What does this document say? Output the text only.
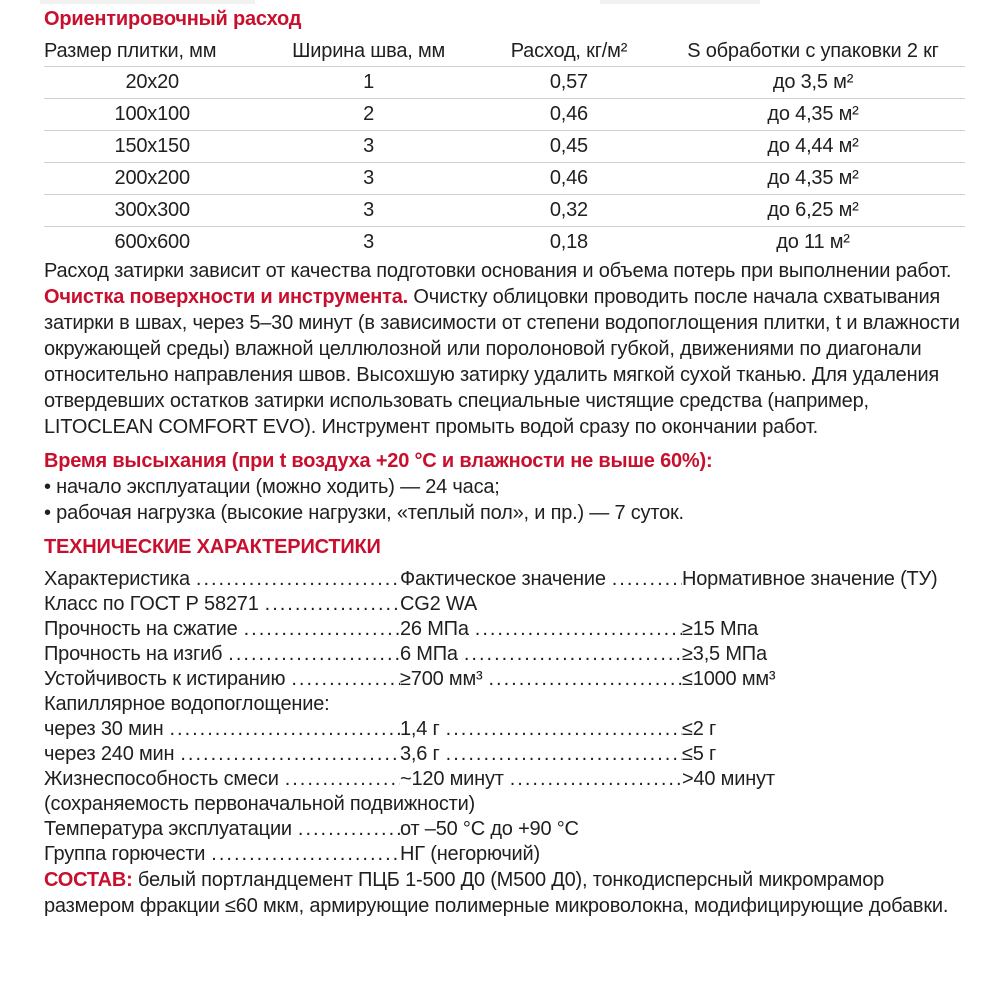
Ориентировочный расход

Размер плитки, мм	Ширина шва, мм	Расход, кг/м²	S обработки с упаковки 2 кг
20x20	1	0,57	до 3,5 м²
100x100	2	0,46	до 4,35 м²
150x150	3	0,45	до 4,44 м²
200x200	3	0,46	до 4,35 м²
300x300	3	0,32	до 6,25 м²
600x600	3	0,18	до 11 м²

Расход затирки зависит от качества подготовки основания и объема потерь при выполнении работ.

Очистка поверхности и инструмента. Очистку облицовки проводить после начала схватывания затирки в швах, через 5–30 минут (в зависимости от степени водопоглощения плитки, t и влажности окружающей среды) влажной целлюлозной или поролоновой губкой, движениями по диагонали относительно направления швов. Высохшую затирку удалить мягкой сухой тканью. Для удаления отвердевших остатков затирки использовать специальные чистящие средства (например, LITOCLEAN COMFORT EVO). Инструмент промыть водой сразу по окончании работ.

Время высыхания (при t воздуха +20 °C и влажности не выше 60%):

• начало эксплуатации (можно ходить) — 24 часа;

• рабочая нагрузка (высокие нагрузки, «теплый пол», и пр.) — 7 суток.

ТЕХНИЧЕСКИЕ ХАРАКТЕРИСТИКИ

Характеристика .....	Фактическое значение .....	Нормативное значение (ТУ)
Класс по ГОСТ Р 58271 .....	CG2 WA
Прочность на сжатие .....	26 МПа .....	≥15 Мпа
Прочность на изгиб .....	6 МПа .....	≥3,5 МПа
Устойчивость к истиранию .....	≥700 мм³ .....	≤1000 мм³
Капиллярное водопоглощение:
через 30 мин .....	1,4 г .....	≤2 г
через 240 мин .....	3,6 г .....	≤5 г
Жизнеспособность смеси .....	~120 минут .....	>40 минут
(сохраняемость первоначальной подвижности)
Температура эксплуатации .....	от –50 °C до +90 °C
Группа горючести .....	НГ (негорючий)

СОСТАВ: белый портландцемент ПЦБ 1-500 Д0 (М500 Д0), тонкодисперсный микромрамор размером фракции ≤60 мкм, армирующие полимерные микроволокна, модифицирующие добавки.
